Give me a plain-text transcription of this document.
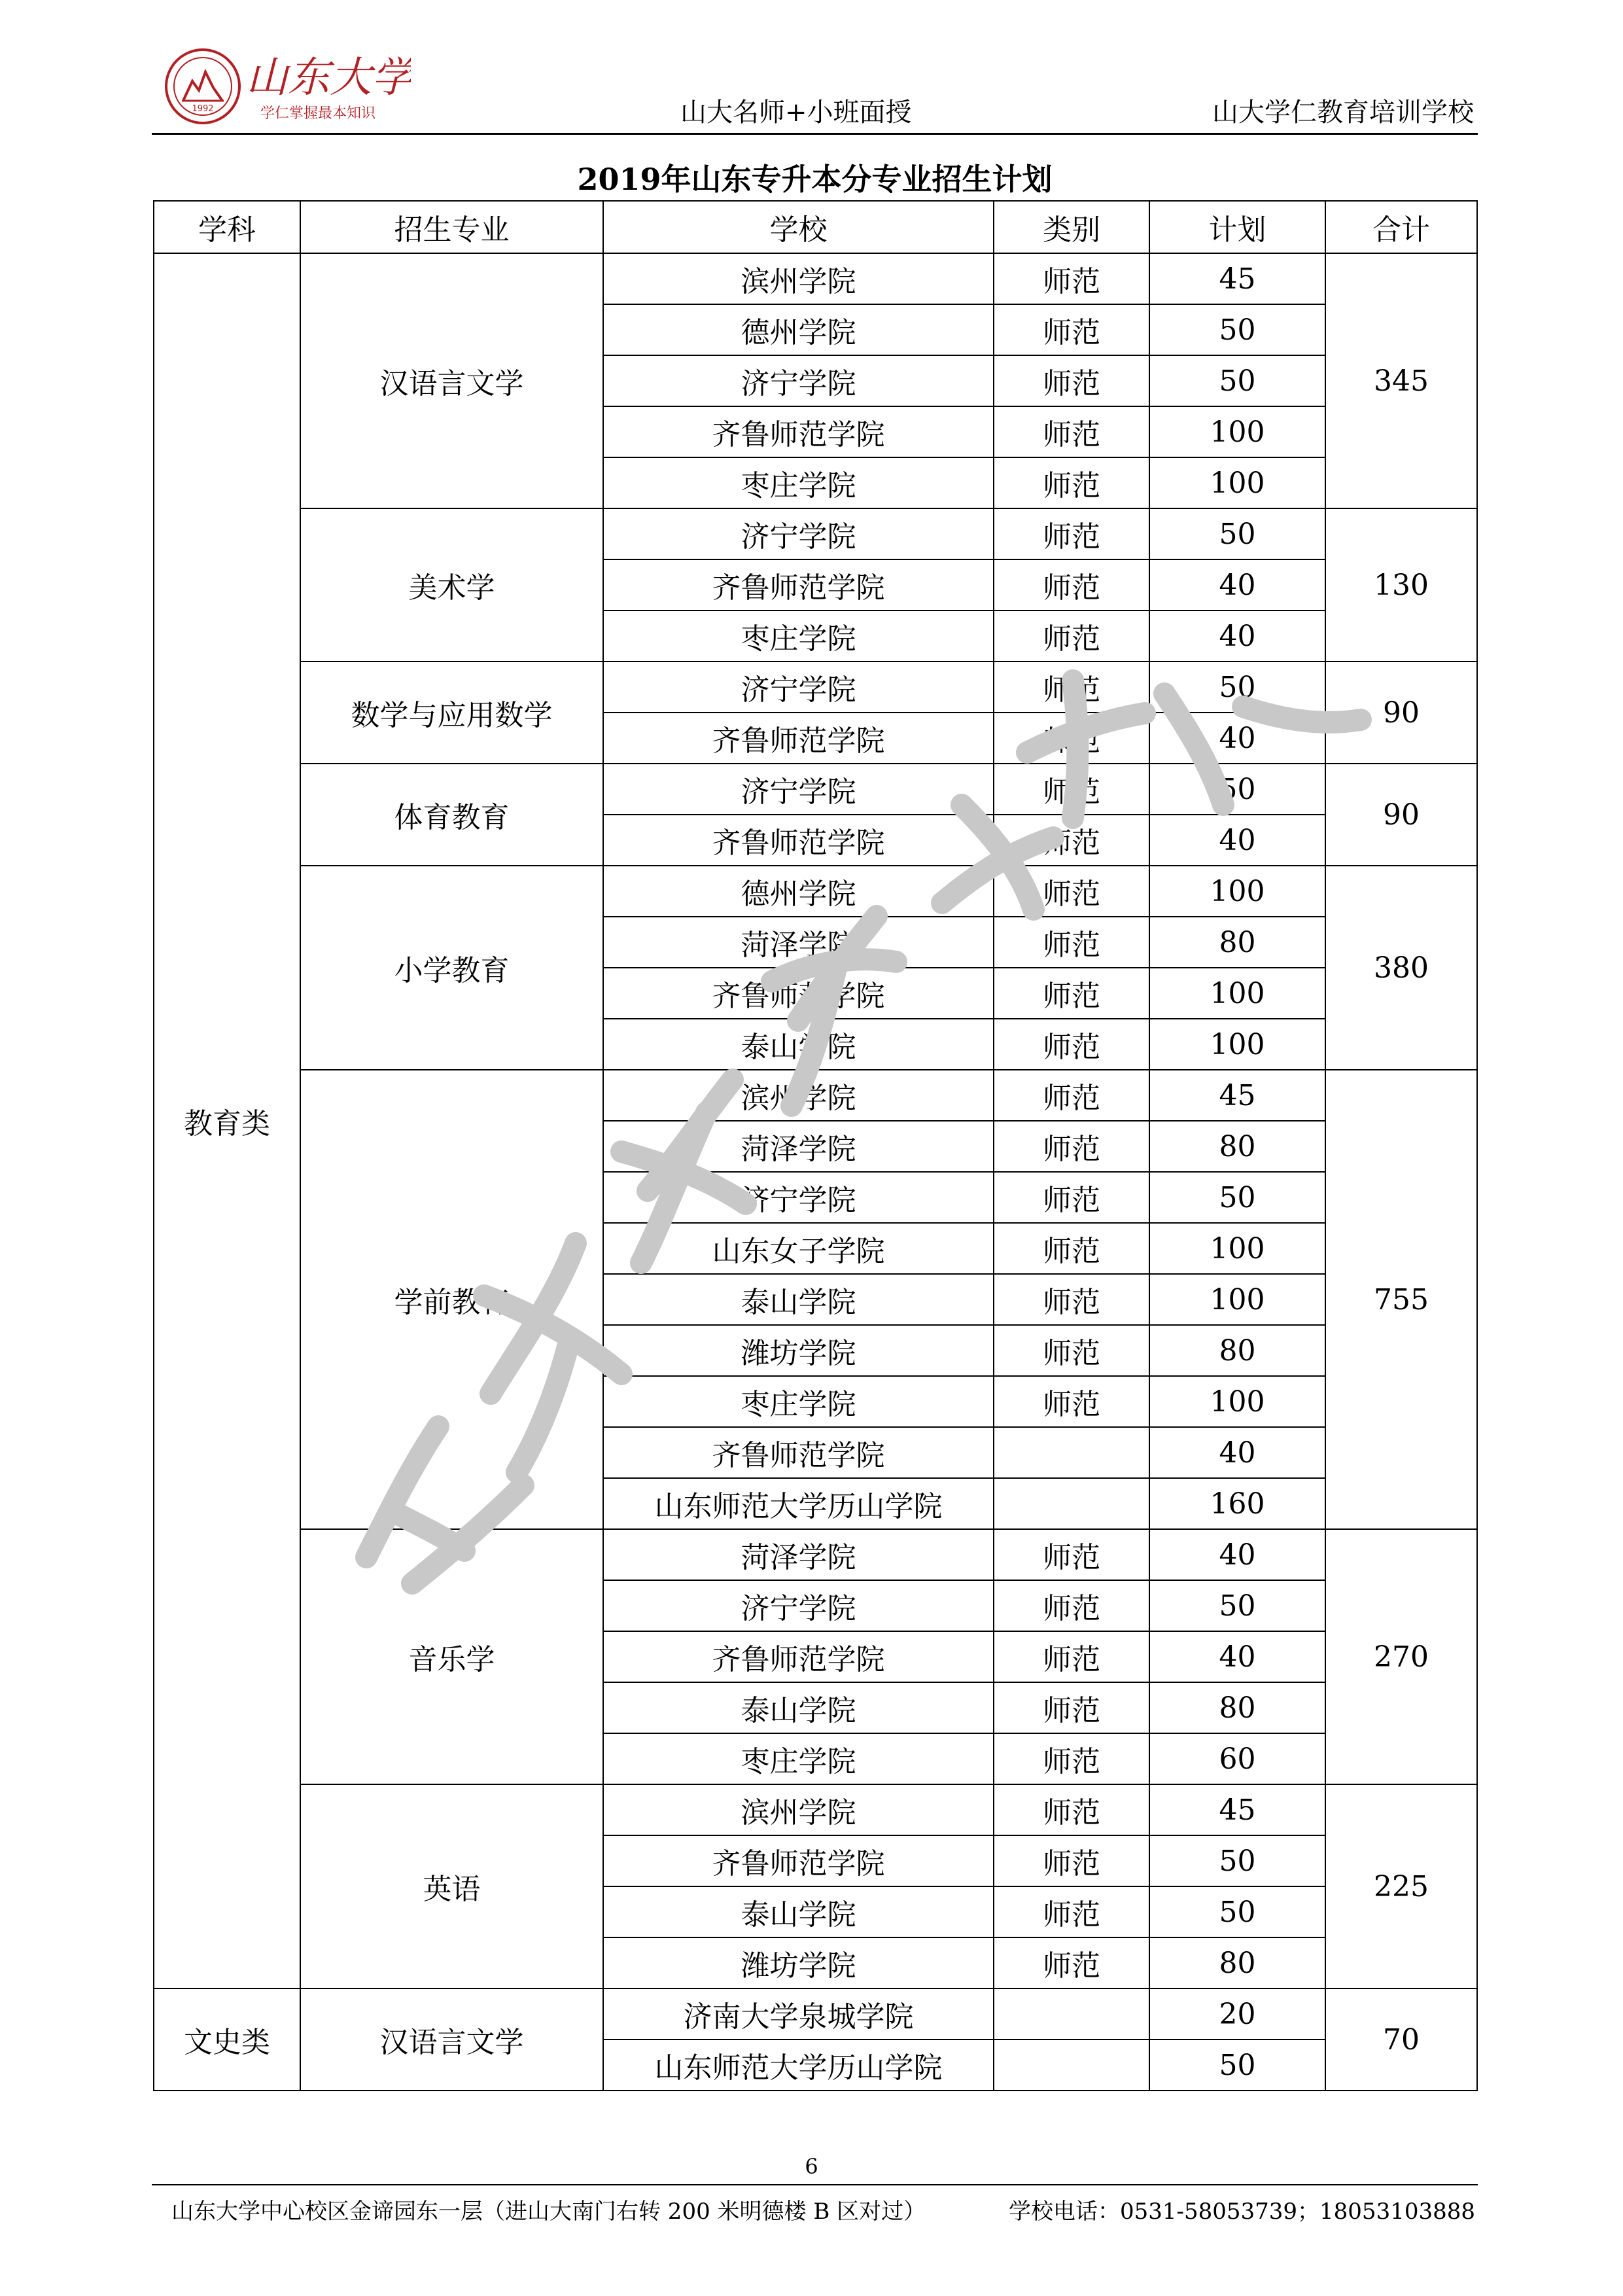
1992
山东大学
学仁掌握最本知识	山大名师+小班面授	山大学仁教育培训学校
2019年山东专升本分专业招生计划
学科	招生专业	学校	类别	计划	合计
教育类	汉语言文学	滨州学院	师范	45	345
		德州学院	师范	50	
		济宁学院	师范	50	
		齐鲁师范学院	师范	100	
		枣庄学院	师范	100	
	美术学	济宁学院	师范	50	130
		齐鲁师范学院	师范	40	
		枣庄学院	师范	40	
	数学与应用数学	济宁学院	师范	50	90
		齐鲁师范学院	师范	40	
	体育教育	济宁学院	师范	50	90
		齐鲁师范学院	师范	40	
	小学教育	德州学院	师范	100	380
		菏泽学院	师范	80	
		齐鲁师范学院	师范	100	
		泰山学院	师范	100	
	学前教育	滨州学院	师范	45	755
		菏泽学院	师范	80	
		济宁学院	师范	50	
		山东女子学院	师范	100	
		泰山学院	师范	100	
		潍坊学院	师范	80	
		枣庄学院	师范	100	
		齐鲁师范学院		40	
		山东师范大学历山学院		160	
	音乐学	菏泽学院	师范	40	270
		济宁学院	师范	50	
		齐鲁师范学院	师范	40	
		泰山学院	师范	80	
		枣庄学院	师范	60	
	英语	滨州学院	师范	45	225
		齐鲁师范学院	师范	50	
		泰山学院	师范	50	
		潍坊学院	师范	80	
文史类	汉语言文学	济南大学泉城学院		20	70
		山东师范大学历山学院		50	
6
山东大学中心校区金谛园东一层（进山大南门右转 200 米明德楼 B 区对过）	学校电话：0531-58053739；18053103888
